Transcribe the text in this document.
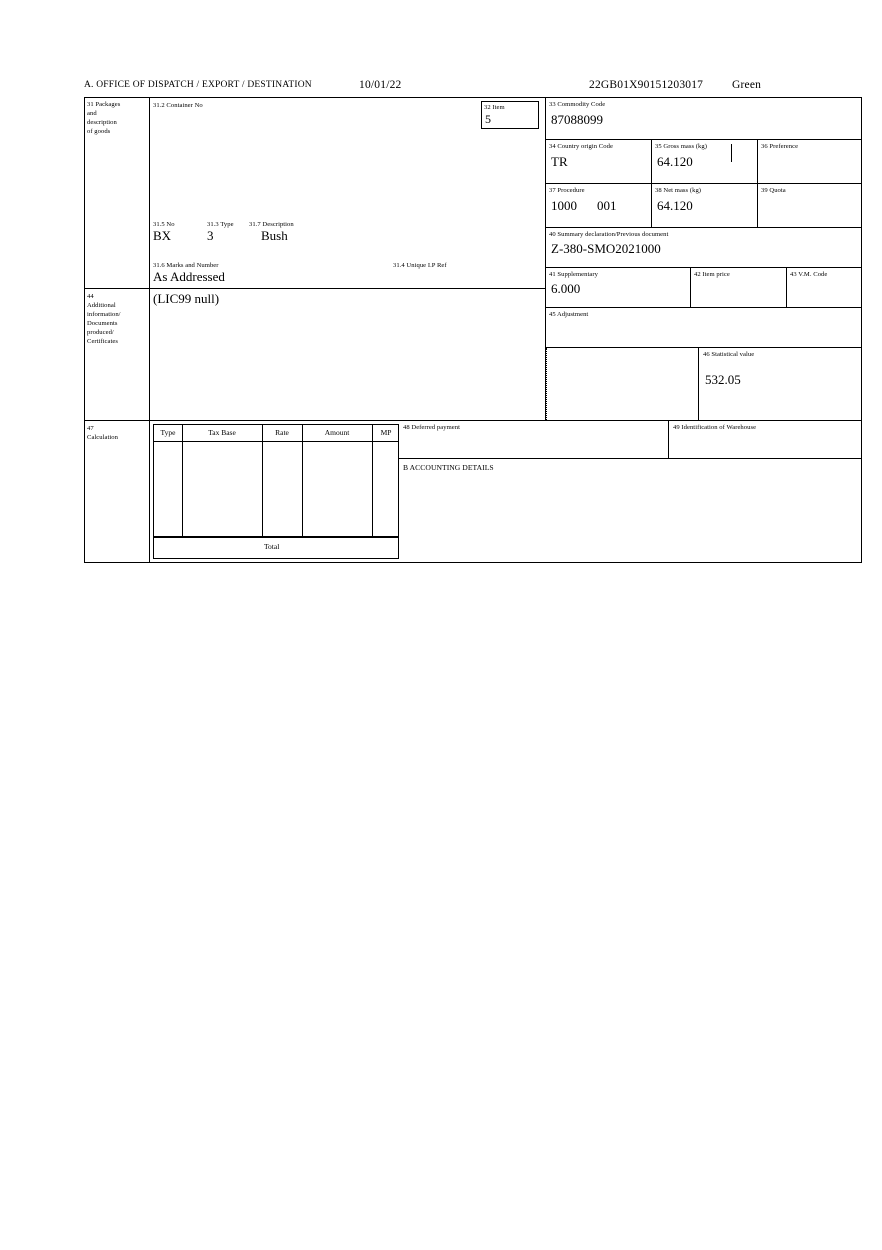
A. OFFICE OF DISPATCH / EXPORT / DESTINATION	10/01/22	22GB01X90151203017	Green
31 Packages
and
description
of goods
31.2 Container No	32 Item
5
31.5 No
BX
31.3 Type
3
31.7 Description
Bush
31.6 Marks and Number
As Addressed
31.4 Unique I.P Ref
44
Additional
information/
Documents
produced/
Certificates
(LIC99 null)
33 Commodity Code
87088099
34 Country origin Code
TR
35 Gross mass (kg)
64.120
36 Preference
37 Procedure
1000 001
38 Net mass (kg)
64.120
39 Quota
40 Summary declaration/Previous document
Z-380-SMO2021000
41 Supplementary
6.000
42 Item price	43 V.M. Code
45 Adjustment
46 Statistical value
532.05
47
Calculation
Type	Tax Base	Rate	Amount	MP
Total
48 Deferred payment	49 Identification of Warehouse
B ACCOUNTING DETAILS
